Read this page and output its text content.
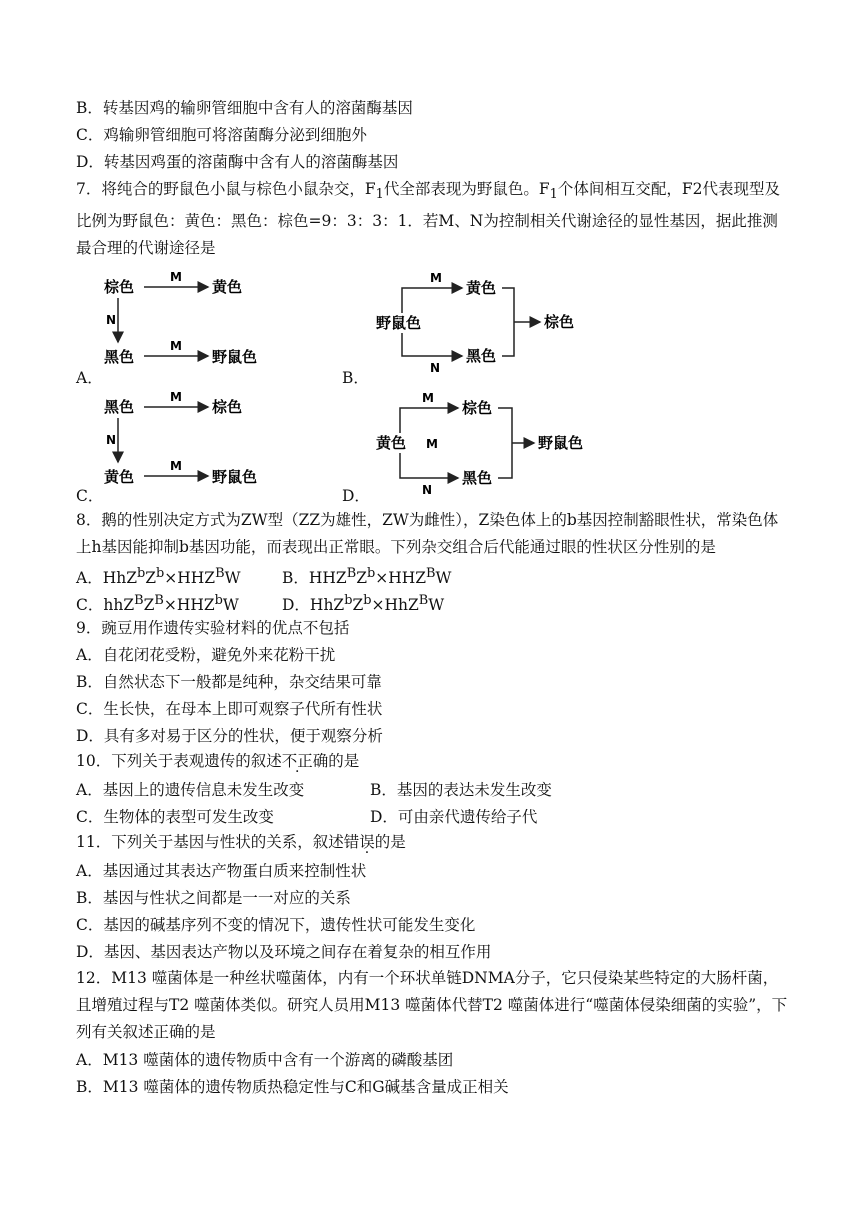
B．转基因鸡的输卵管细胞中含有人的溶菌酶基因
C．鸡输卵管细胞可将溶菌酶分泌到细胞外
D．转基因鸡蛋的溶菌酶中含有人的溶菌酶基因
7．将纯合的野鼠色小鼠与棕色小鼠杂交，$F_1$代全部表现为野鼠色。$F_1$个体间相互交配，F2代表现型及比例为野鼠色：黄色：黑色：棕色=9：3：3：1．若M、N为控制相关代谢途径的显性基因，据此推测最合理的代谢途径是
A．
棕色
M
黄色
N
黑色
M
野鼠色
B．
野鼠色
M
黄色
N
黑色
棕色
C．
黑色
M
棕色
N
黄色
M
野鼠色
D．
黄色
M
棕色
M
N
黑色
野鼠色
8．鹅的性别决定方式为ZW型（ZZ为雄性，ZW为雌性），Z染色体上的b基因控制豁眼性状，常染色体上h基因能抑制b基因功能，而表现出正常眼。下列杂交组合后代能通过眼的性状区分性别的是
A．$HhZ^bZ^b\times HHZ^BW$	B．$HHZ^BZ^b\times HHZ^BW$
C．$hhZ^BZ^B\times HHZ^bW$	D．$HhZ^bZ^b\times HhZ^BW$
9．豌豆用作遗传实验材料的优点不包括
A．自花闭花受粉，避免外来花粉干扰
B．自然状态下一般都是纯种，杂交结果可靠
C．生长快，在母本上即可观察子代所有性状
D．具有多对易于区分的性状，便于观察分析
10．下列关于表观遗传的叙述不正确的是
A．基因上的遗传信息未发生改变	B．基因的表达未发生改变
C．生物体的表型可发生改变	D．可由亲代遗传给子代
11．下列关于基因与性状的关系，叙述错误的是
A．基因通过其表达产物蛋白质来控制性状
B．基因与性状之间都是一一对应的关系
C．基因的碱基序列不变的情况下，遗传性状可能发生变化
D．基因、基因表达产物以及环境之间存在着复杂的相互作用
12．M13 噬菌体是一种丝状噬菌体，内有一个环状单链DNMA分子，它只侵染某些特定的大肠杆菌，且增殖过程与T2 噬菌体类似。研究人员用M13 噬菌体代替T2 噬菌体进行“噬菌体侵染细菌的实验”，下列有关叙述正确的是
A．M13 噬菌体的遗传物质中含有一个游离的磷酸基团
B．M13 噬菌体的遗传物质热稳定性与C和G碱基含量成正相关
